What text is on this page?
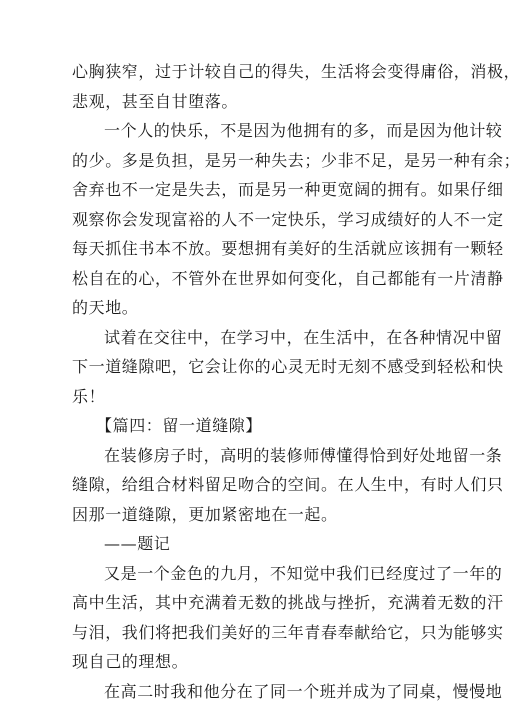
心胸狭窄，过于计较自己的得失，生活将会变得庸俗，消极，
悲观，甚至自甘堕落。
一个人的快乐，不是因为他拥有的多，而是因为他计较
的少。多是负担，是另一种失去；少非不足，是另一种有余；
舍弃也不一定是失去，而是另一种更宽阔的拥有。如果仔细
观察你会发现富裕的人不一定快乐，学习成绩好的人不一定
每天抓住书本不放。要想拥有美好的生活就应该拥有一颗轻
松自在的心，不管外在世界如何变化，自己都能有一片清静
的天地。
试着在交往中，在学习中，在生活中，在各种情况中留
下一道缝隙吧，它会让你的心灵无时无刻不感受到轻松和快
乐！
【篇四：留一道缝隙】
在装修房子时，高明的装修师傅懂得恰到好处地留一条
缝隙，给组合材料留足吻合的空间。在人生中，有时人们只
因那一道缝隙，更加紧密地在一起。
——题记
又是一个金色的九月，不知觉中我们已经度过了一年的
高中生活，其中充满着无数的挑战与挫折，充满着无数的汗
与泪，我们将把我们美好的三年青春奉献给它，只为能够实
现自己的理想。
在高二时我和他分在了同一个班并成为了同桌，慢慢地
